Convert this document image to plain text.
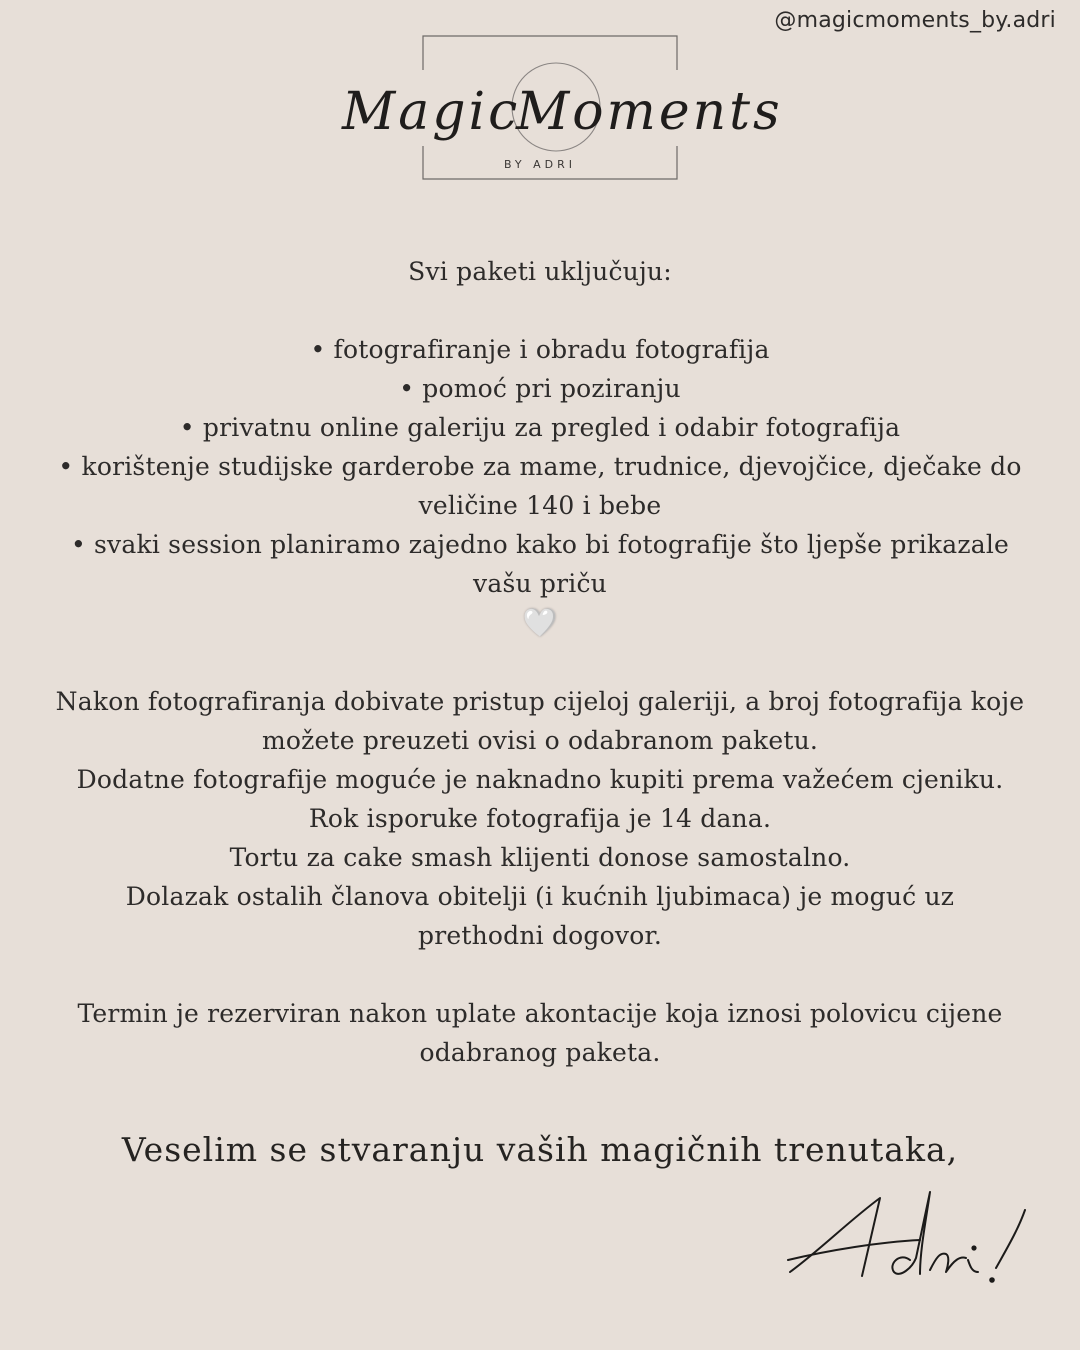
@magicmoments_by.adri
Magic
Moments
BY ADRI

Svi paketi uključuju:

• fotografiranje i obradu fotografija

• pomoć pri poziranju

• privatnu online galeriju za pregled i odabir fotografija

• korištenje studijske garderobe za mame, trudnice, djevojčice, dječake do veličine 140 i bebe

• svaki session planiramo zajedno kako bi fotografije što ljepše prikazale vašu priču

🤍

Nakon fotografiranja dobivate pristup cijeloj galeriji, a broj fotografija koje možete preuzeti ovisi o odabranom paketu.

Dodatne fotografije moguće je naknadno kupiti prema važećem cjeniku.

Rok isporuke fotografija je 14 dana.

Tortu za cake smash klijenti donose samostalno.

Dolazak ostalih članova obitelji (i kućnih ljubimaca) je moguć uz prethodni dogovor.

Termin je rezerviran nakon uplate akontacije koja iznosi polovicu cijene odabranog paketa.

Veselim se stvaranju vaših magičnih trenutaka,
